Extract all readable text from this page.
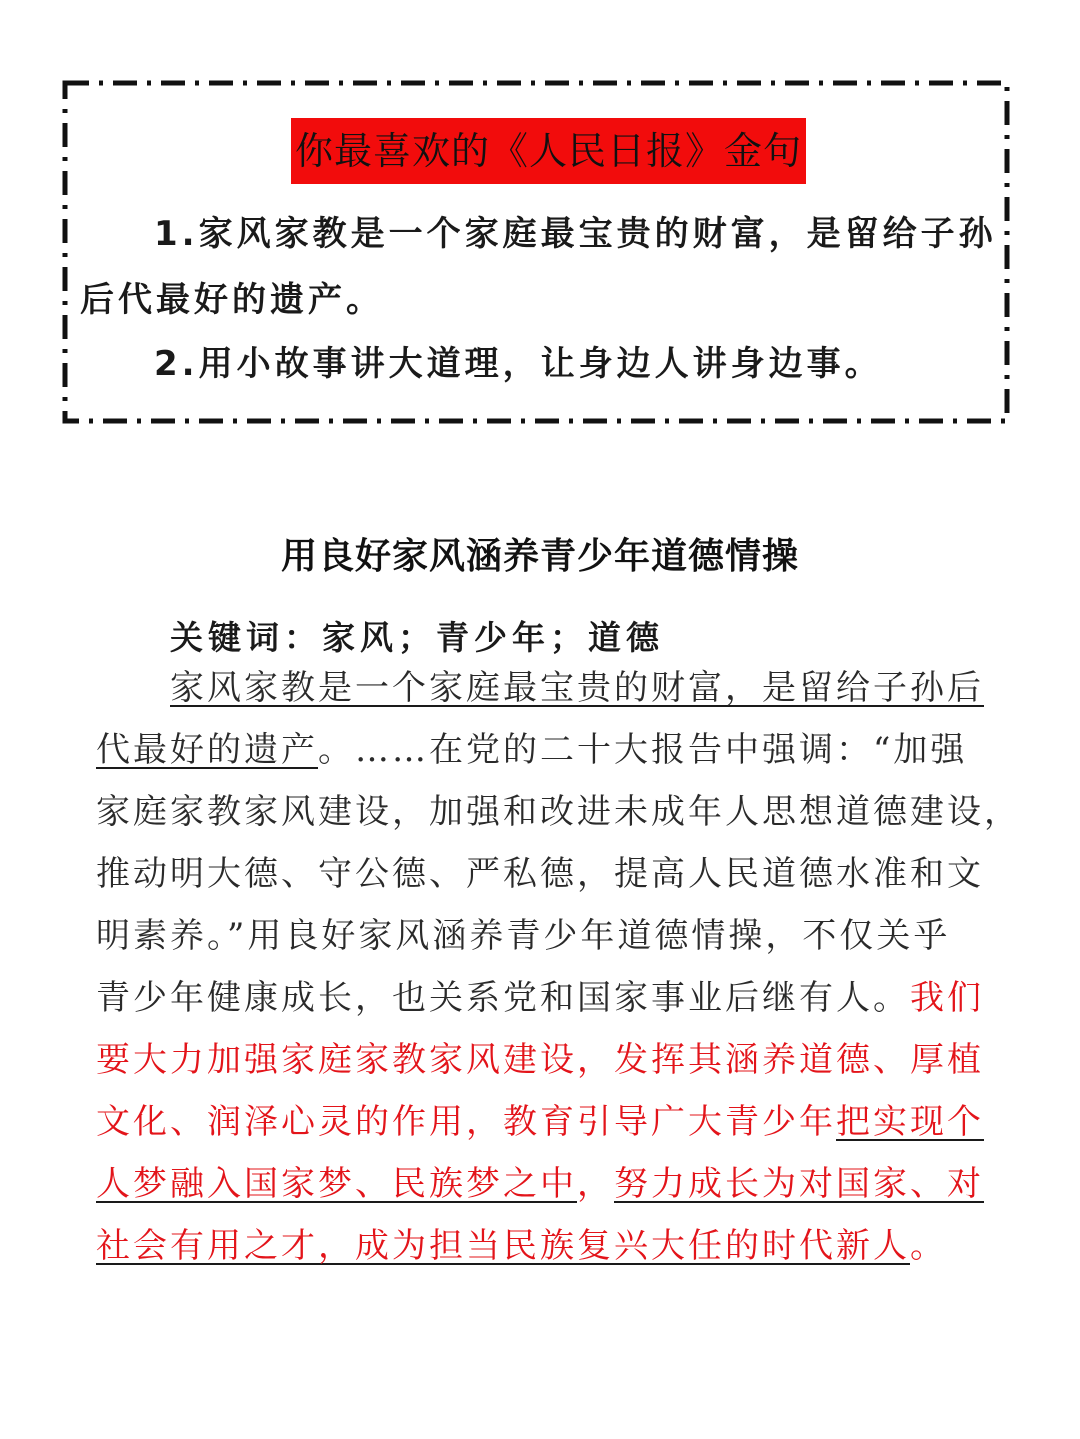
你最喜欢的《人民日报》金句
1.家风家教是一个家庭最宝贵的财富，是留给子孙
后代最好的遗产。
2.用小故事讲大道理，让身边人讲身边事。
用良好家风涵养青少年道德情操
关键词：家风；青少年；道德
家风家教是一个家庭最宝贵的财富，是留给子孙后
代最好的遗产。……在党的二十大报告中强调：“加强
家庭家教家风建设，加强和改进未成年人思想道德建设，
推动明大德、守公德、严私德，提高人民道德水准和文
明素养。”用良好家风涵养青少年道德情操，不仅关乎
青少年健康成长，也关系党和国家事业后继有人。我们
要大力加强家庭家教家风建设，发挥其涵养道德、厚植
文化、润泽心灵的作用，教育引导广大青少年把实现个
人梦融入国家梦、民族梦之中，努力成长为对国家、对
社会有用之才，成为担当民族复兴大任的时代新人。
